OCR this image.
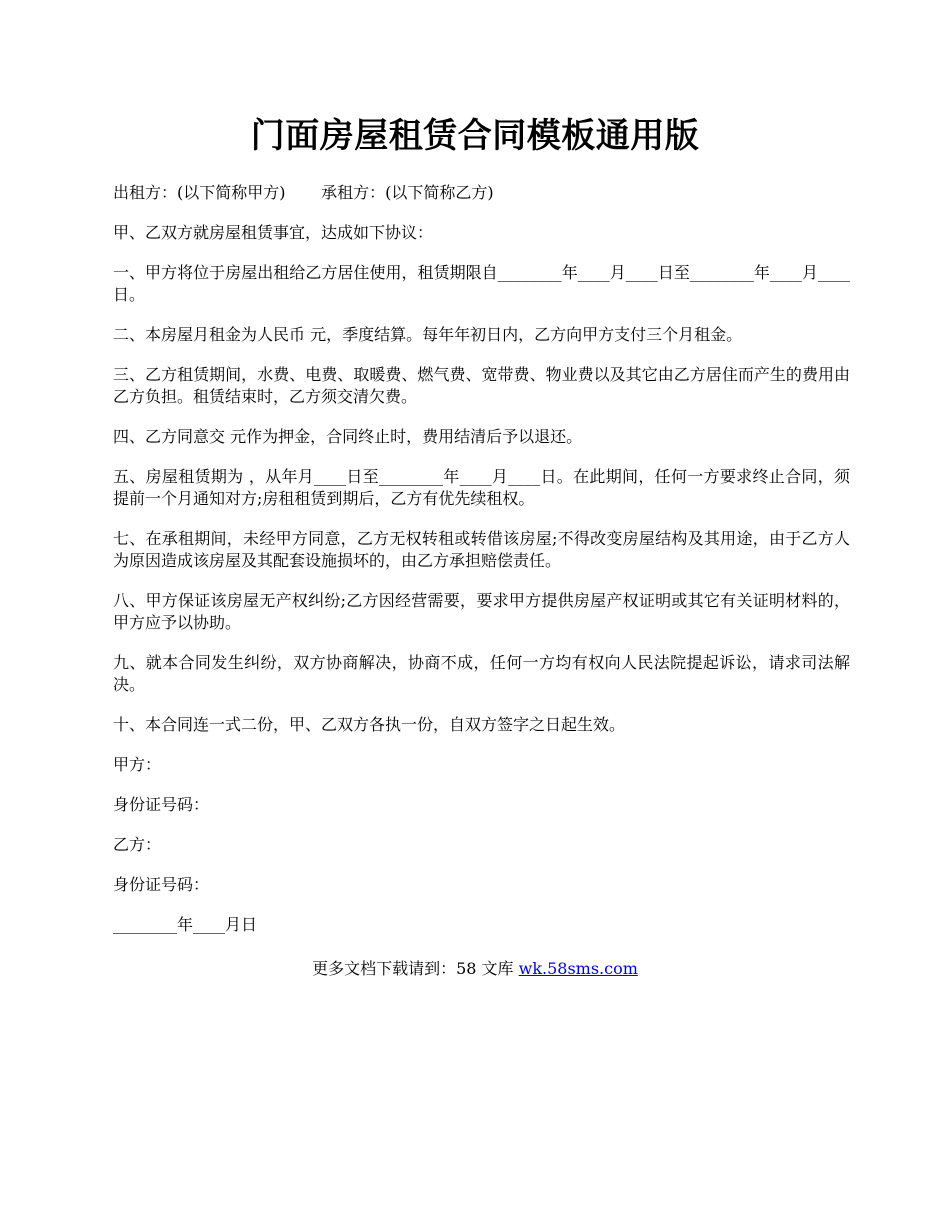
门面房屋租赁合同模板通用版
出租方：(以下简称甲方) 承租方：(以下简称乙方)
甲、乙双方就房屋租赁事宜，达成如下协议：
一、甲方将位于房屋出租给乙方居住使用，租赁期限自________年____月____日至________年____月____日。
二、本房屋月租金为人民币 元，季度结算。每年年初日内，乙方向甲方支付三个月租金。
三、乙方租赁期间，水费、电费、取暖费、燃气费、宽带费、物业费以及其它由乙方居住而产生的费用由乙方负担。租赁结束时，乙方须交清欠费。
四、乙方同意交 元作为押金，合同终止时，费用结清后予以退还。
五、房屋租赁期为 ，从年月____日至________年____月____日。在此期间，任何一方要求终止合同，须提前一个月通知对方;房租租赁到期后，乙方有优先续租权。
七、在承租期间，未经甲方同意，乙方无权转租或转借该房屋;不得改变房屋结构及其用途，由于乙方人为原因造成该房屋及其配套设施损坏的，由乙方承担赔偿责任。
八、甲方保证该房屋无产权纠纷;乙方因经营需要，要求甲方提供房屋产权证明或其它有关证明材料的，甲方应予以协助。
九、就本合同发生纠纷，双方协商解决，协商不成，任何一方均有权向人民法院提起诉讼，请求司法解决。
十、本合同连一式二份，甲、乙双方各执一份，自双方签字之日起生效。
甲方：
身份证号码：
乙方：
身份证号码：
________年____月日
更多文档下载请到：58 文库 wk.58sms.com
